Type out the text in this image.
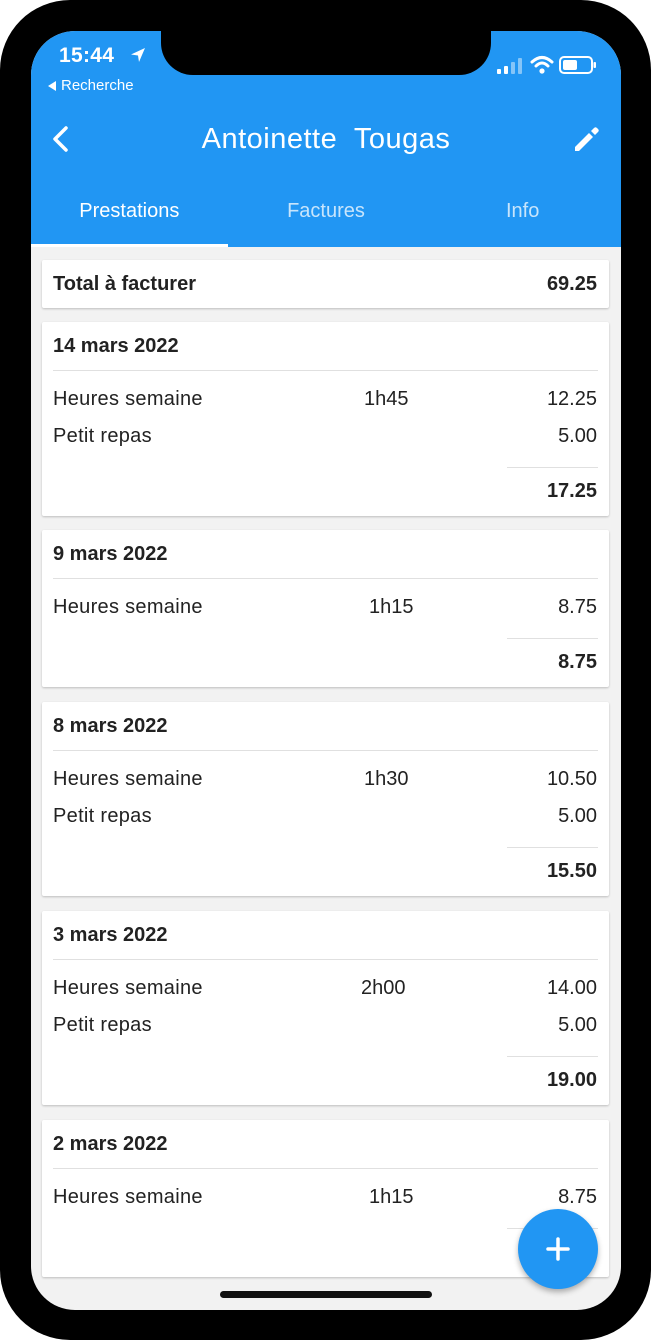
15:44
Recherche
Antoinette  Tougas
Prestations	Factures	Info
Total à facturer	69.25
14 mars 2022
Heures semaine	1h45	12.25
Petit repas	5.00
17.25
9 mars 2022
Heures semaine	1h15	8.75
8.75
8 mars 2022
Heures semaine	1h30	10.50
Petit repas	5.00
15.50
3 mars 2022
Heures semaine	2h00	14.00
Petit repas	5.00
19.00
2 mars 2022
Heures semaine	1h15	8.75
